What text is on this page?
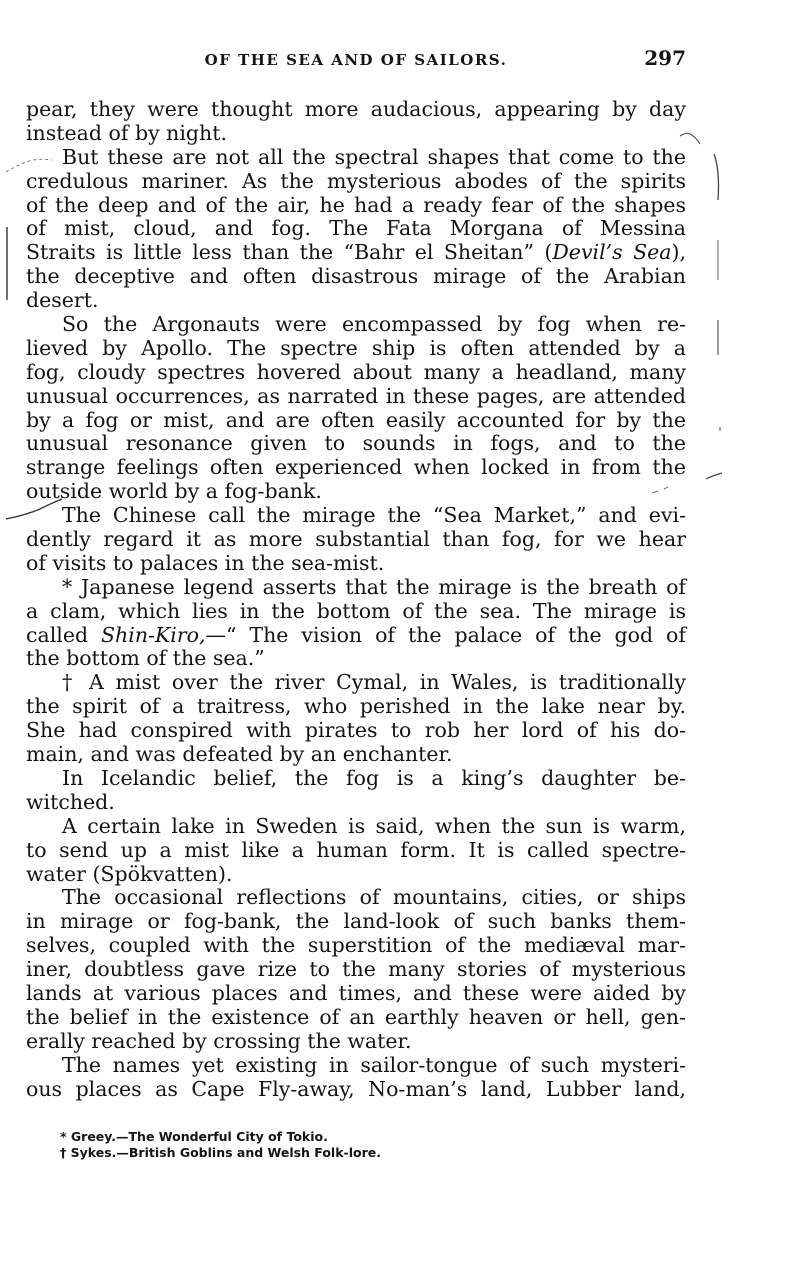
OF THE SEA AND OF SAILORS.	297
pear, they were thought more audacious, appearing by day
instead of by night.
But these are not all the spectral shapes that come to the
credulous mariner. As the mysterious abodes of the spirits
of the deep and of the air, he had a ready fear of the shapes
of mist, cloud, and fog. The Fata Morgana of Messina
Straits is little less than the “Bahr el Sheitan” (Devil’s Sea),
the deceptive and often disastrous mirage of the Arabian
desert.
So the Argonauts were encompassed by fog when re-
lieved by Apollo. The spectre ship is often attended by a
fog, cloudy spectres hovered about many a headland, many
unusual occurrences, as narrated in these pages, are attended
by a fog or mist, and are often easily accounted for by the
unusual resonance given to sounds in fogs, and to the
strange feelings often experienced when locked in from the
outside world by a fog-bank.
The Chinese call the mirage the “Sea Market,” and evi-
dently regard it as more substantial than fog, for we hear
of visits to palaces in the sea-mist.
* Japanese legend asserts that the mirage is the breath of
a clam, which lies in the bottom of the sea. The mirage is
called Shin-Kiro,—“ The vision of the palace of the god of
the bottom of the sea.”
† A mist over the river Cymal, in Wales, is traditionally
the spirit of a traitress, who perished in the lake near by.
She had conspired with pirates to rob her lord of his do-
main, and was defeated by an enchanter.
In Icelandic belief, the fog is a king’s daughter be-
witched.
A certain lake in Sweden is said, when the sun is warm,
to send up a mist like a human form. It is called spectre-
water (Spökvatten).
The occasional reflections of mountains, cities, or ships
in mirage or fog-bank, the land-look of such banks them-
selves, coupled with the superstition of the mediæval mar-
iner, doubtless gave rize to the many stories of mysterious
lands at various places and times, and these were aided by
the belief in the existence of an earthly heaven or hell, gen-
erally reached by crossing the water.
The names yet existing in sailor-tongue of such mysteri-
ous places as Cape Fly-away, No-man’s land, Lubber land,
* Greey.—The Wonderful City of Tokio.
† Sykes.—British Goblins and Welsh Folk-lore.
